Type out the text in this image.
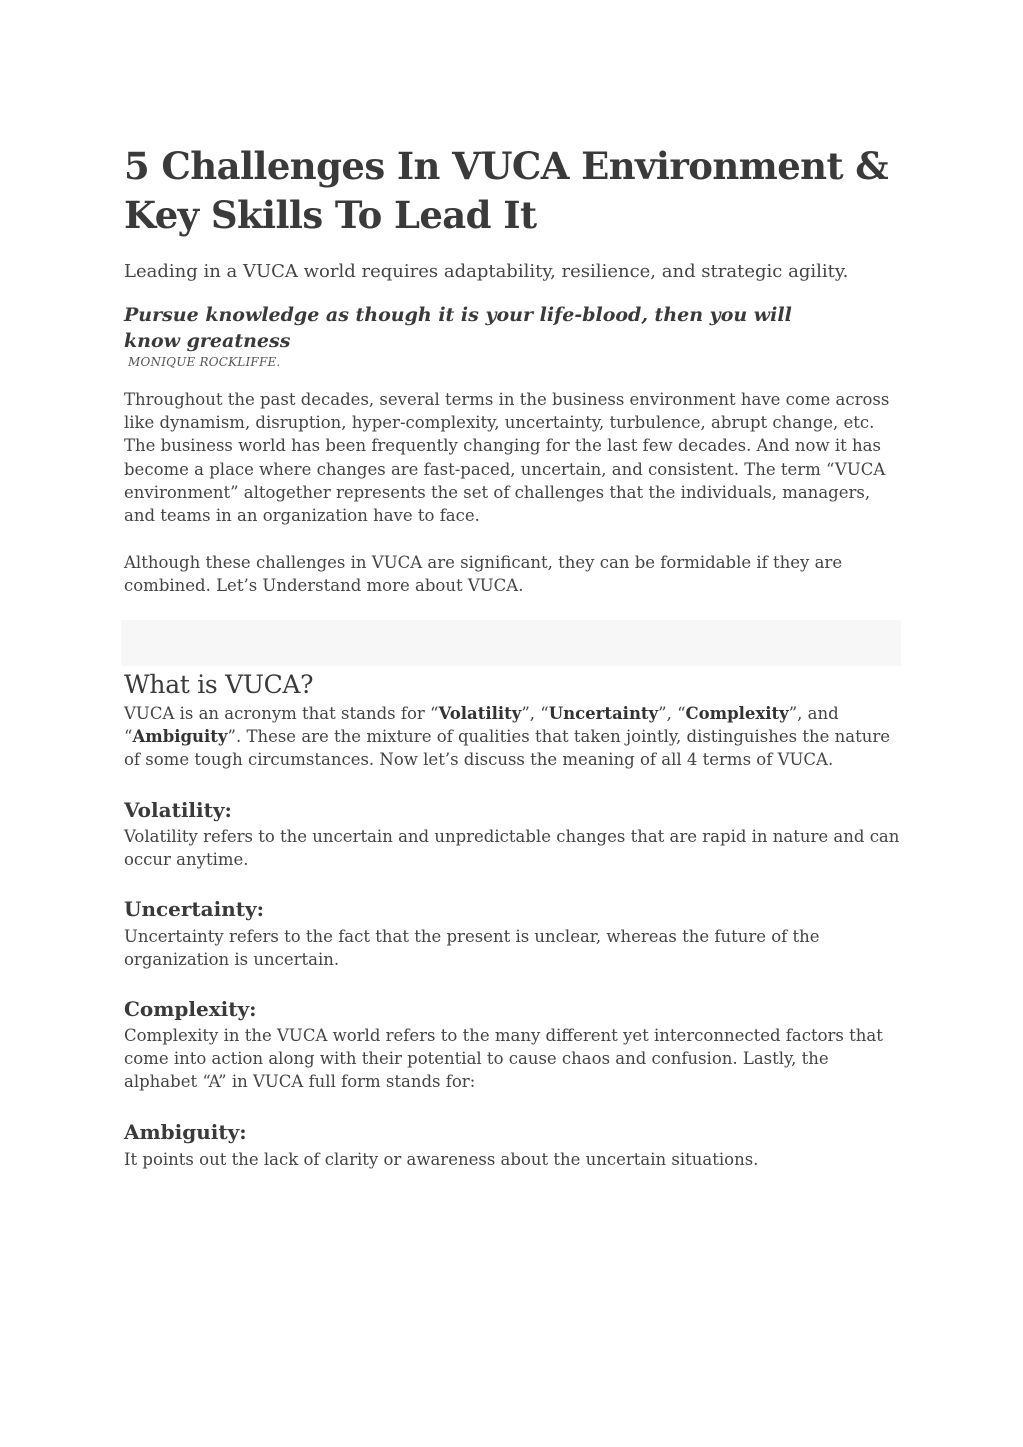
5 Challenges In VUCA Environment & Key Skills To Lead It

Leading in a VUCA world requires adaptability, resilience, and strategic agility.

Pursue knowledge as though it is your life-blood, then you will know greatness

MONIQUE ROCKLIFFE.

Throughout the past decades, several terms in the business environment have come across like dynamism, disruption, hyper-complexity, uncertainty, turbulence, abrupt change, etc. The business world has been frequently changing for the last few decades. And now it has become a place where changes are fast-paced, uncertain, and consistent. The term “VUCA environment” altogether represents the set of challenges that the individuals, managers, and teams in an organization have to face.

Although these challenges in VUCA are significant, they can be formidable if they are combined. Let’s Understand more about VUCA.

What is VUCA?

VUCA is an acronym that stands for “Volatility”, “Uncertainty”, “Complexity”, and “Ambiguity”. These are the mixture of qualities that taken jointly, distinguishes the nature of some tough circumstances. Now let’s discuss the meaning of all 4 terms of VUCA.

Volatility:

Volatility refers to the uncertain and unpredictable changes that are rapid in nature and can occur anytime.

Uncertainty:

Uncertainty refers to the fact that the present is unclear, whereas the future of the organization is uncertain.

Complexity:

Complexity in the VUCA world refers to the many different yet interconnected factors that come into action along with their potential to cause chaos and confusion. Lastly, the alphabet “A” in VUCA full form stands for:

Ambiguity:

It points out the lack of clarity or awareness about the uncertain situations.
